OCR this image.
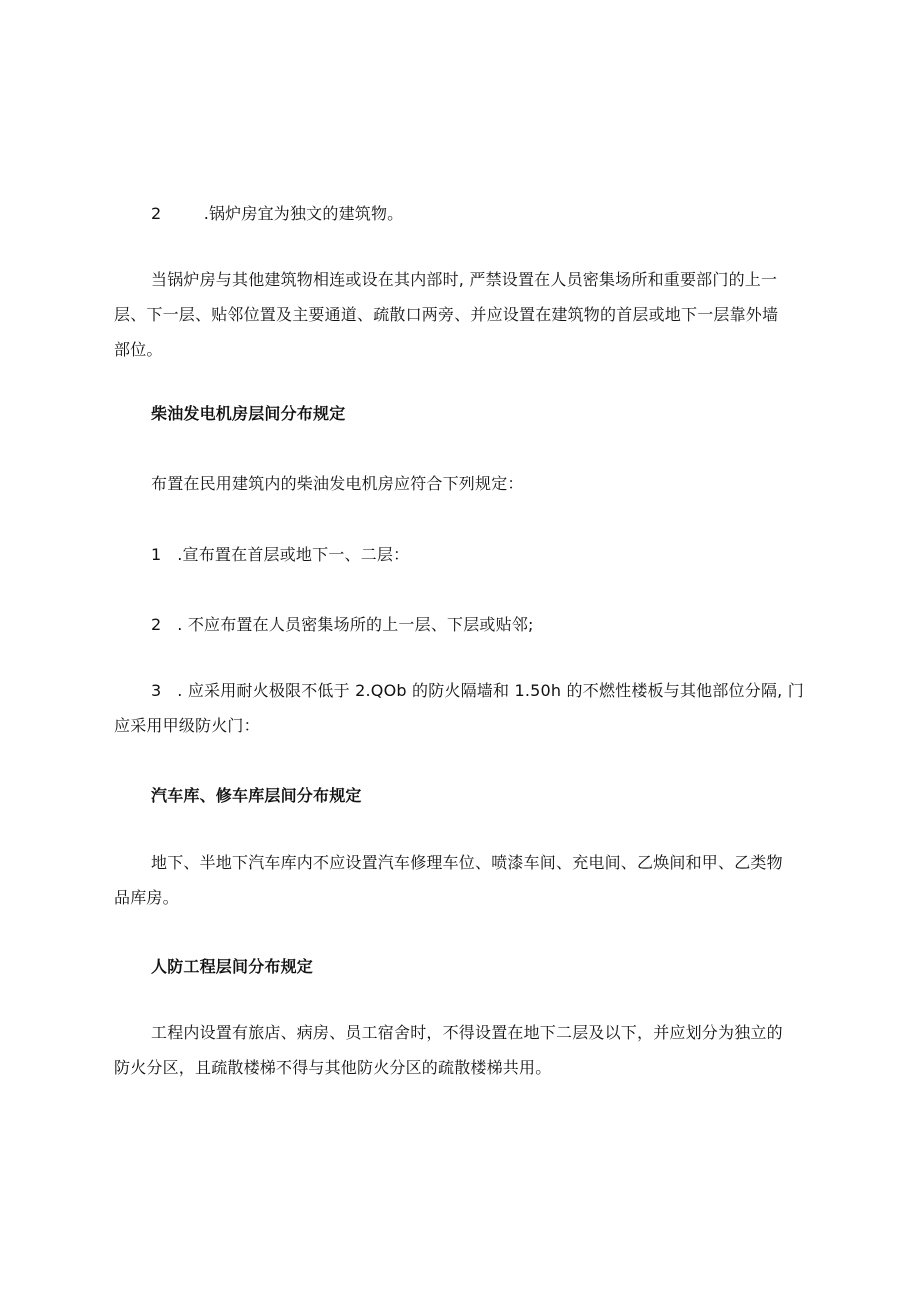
2	.锅炉房宜为独文的建筑物。
当锅炉房与其他建筑物相连或设在其内部时, 严禁设置在人员密集场所和重要部门的上一
层、下一层、贴邻位置及主要通道、疏散口两旁、并应设置在建筑物的首层或地下一层靠外墙
部位。
柴油发电机房层间分布规定
布置在民用建筑内的柴油发电机房应符合下列规定：
1 .宣布置在首层或地下一、二层：
2 . 不应布置在人员密集场所的上一层、下层或贴邻;
3 . 应采用耐火极限不低于 2.QOb 的防火隔墙和 1.50h 的不燃性楼板与其他部位分隔, 门
应采用甲级防火门：
汽车库、修车库层间分布规定
地下、半地下汽车库内不应设置汽车修理车位、喷漆车间、充电间、乙焕间和甲、乙类物
品库房。
人防工程层间分布规定
工程内设置有旅店、病房、员工宿舍时，不得设置在地下二层及以下，并应划分为独立的
防火分区，且疏散楼梯不得与其他防火分区的疏散楼梯共用。
